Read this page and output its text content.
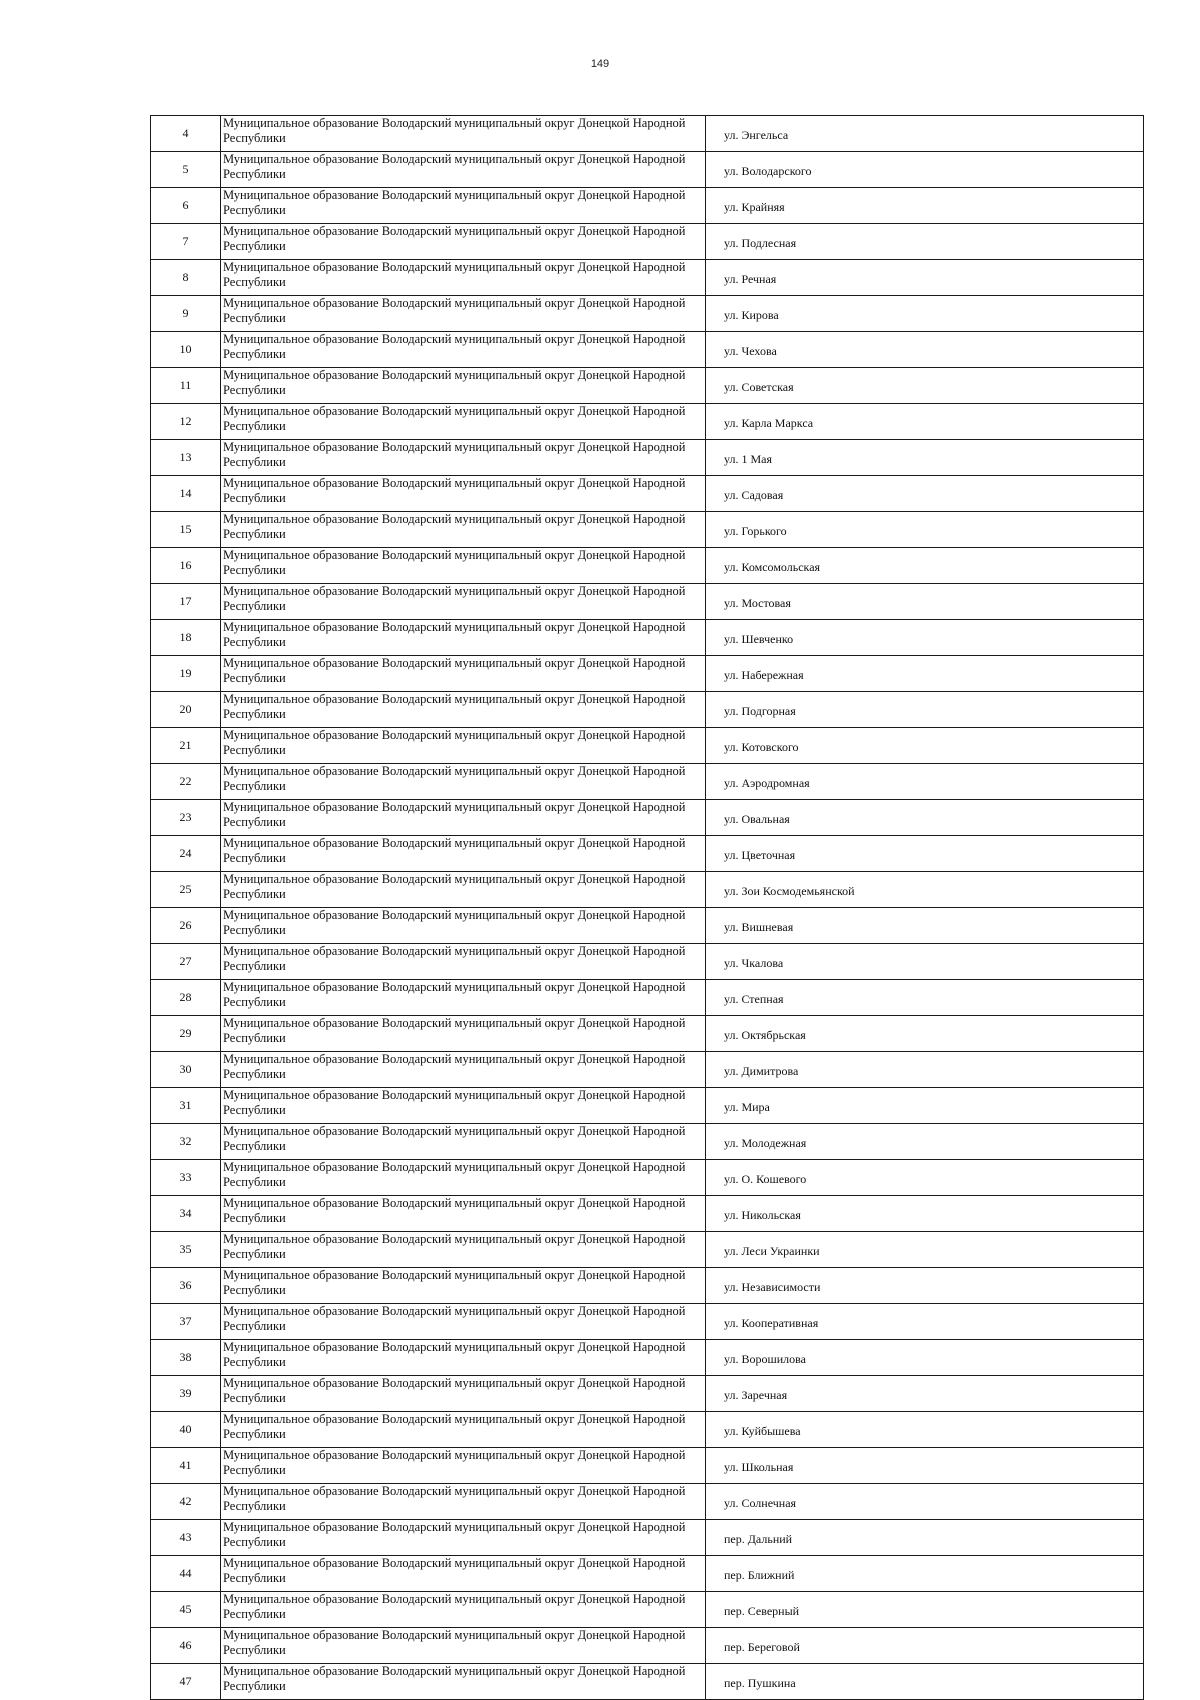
149
4	Муниципальное образование Володарский муниципальный округ Донецкой Народной Республики	ул. Энгельса
5	Муниципальное образование Володарский муниципальный округ Донецкой Народной Республики	ул. Володарского
6	Муниципальное образование Володарский муниципальный округ Донецкой Народной Республики	ул. Крайняя
7	Муниципальное образование Володарский муниципальный округ Донецкой Народной Республики	ул. Подлесная
8	Муниципальное образование Володарский муниципальный округ Донецкой Народной Республики	ул. Речная
9	Муниципальное образование Володарский муниципальный округ Донецкой Народной Республики	ул. Кирова
10	Муниципальное образование Володарский муниципальный округ Донецкой Народной Республики	ул. Чехова
11	Муниципальное образование Володарский муниципальный округ Донецкой Народной Республики	ул. Советская
12	Муниципальное образование Володарский муниципальный округ Донецкой Народной Республики	ул. Карла Маркса
13	Муниципальное образование Володарский муниципальный округ Донецкой Народной Республики	ул. 1 Мая
14	Муниципальное образование Володарский муниципальный округ Донецкой Народной Республики	ул. Садовая
15	Муниципальное образование Володарский муниципальный округ Донецкой Народной Республики	ул. Горького
16	Муниципальное образование Володарский муниципальный округ Донецкой Народной Республики	ул. Комсомольская
17	Муниципальное образование Володарский муниципальный округ Донецкой Народной Республики	ул. Мостовая
18	Муниципальное образование Володарский муниципальный округ Донецкой Народной Республики	ул. Шевченко
19	Муниципальное образование Володарский муниципальный округ Донецкой Народной Республики	ул. Набережная
20	Муниципальное образование Володарский муниципальный округ Донецкой Народной Республики	ул. Подгорная
21	Муниципальное образование Володарский муниципальный округ Донецкой Народной Республики	ул. Котовского
22	Муниципальное образование Володарский муниципальный округ Донецкой Народной Республики	ул. Аэродромная
23	Муниципальное образование Володарский муниципальный округ Донецкой Народной Республики	ул. Овальная
24	Муниципальное образование Володарский муниципальный округ Донецкой Народной Республики	ул. Цветочная
25	Муниципальное образование Володарский муниципальный округ Донецкой Народной Республики	ул. Зои Космодемьянской
26	Муниципальное образование Володарский муниципальный округ Донецкой Народной Республики	ул. Вишневая
27	Муниципальное образование Володарский муниципальный округ Донецкой Народной Республики	ул. Чкалова
28	Муниципальное образование Володарский муниципальный округ Донецкой Народной Республики	ул. Степная
29	Муниципальное образование Володарский муниципальный округ Донецкой Народной Республики	ул. Октябрьская
30	Муниципальное образование Володарский муниципальный округ Донецкой Народной Республики	ул. Димитрова
31	Муниципальное образование Володарский муниципальный округ Донецкой Народной Республики	ул. Мира
32	Муниципальное образование Володарский муниципальный округ Донецкой Народной Республики	ул. Молодежная
33	Муниципальное образование Володарский муниципальный округ Донецкой Народной Республики	ул. О. Кошевого
34	Муниципальное образование Володарский муниципальный округ Донецкой Народной Республики	ул. Никольская
35	Муниципальное образование Володарский муниципальный округ Донецкой Народной Республики	ул. Леси Украинки
36	Муниципальное образование Володарский муниципальный округ Донецкой Народной Республики	ул. Независимости
37	Муниципальное образование Володарский муниципальный округ Донецкой Народной Республики	ул. Кооперативная
38	Муниципальное образование Володарский муниципальный округ Донецкой Народной Республики	ул. Ворошилова
39	Муниципальное образование Володарский муниципальный округ Донецкой Народной Республики	ул. Заречная
40	Муниципальное образование Володарский муниципальный округ Донецкой Народной Республики	ул. Куйбышева
41	Муниципальное образование Володарский муниципальный округ Донецкой Народной Республики	ул. Школьная
42	Муниципальное образование Володарский муниципальный округ Донецкой Народной Республики	ул. Солнечная
43	Муниципальное образование Володарский муниципальный округ Донецкой Народной Республики	пер. Дальний
44	Муниципальное образование Володарский муниципальный округ Донецкой Народной Республики	пер. Ближний
45	Муниципальное образование Володарский муниципальный округ Донецкой Народной Республики	пер. Северный
46	Муниципальное образование Володарский муниципальный округ Донецкой Народной Республики	пер. Береговой
47	Муниципальное образование Володарский муниципальный округ Донецкой Народной Республики	пер. Пушкина
